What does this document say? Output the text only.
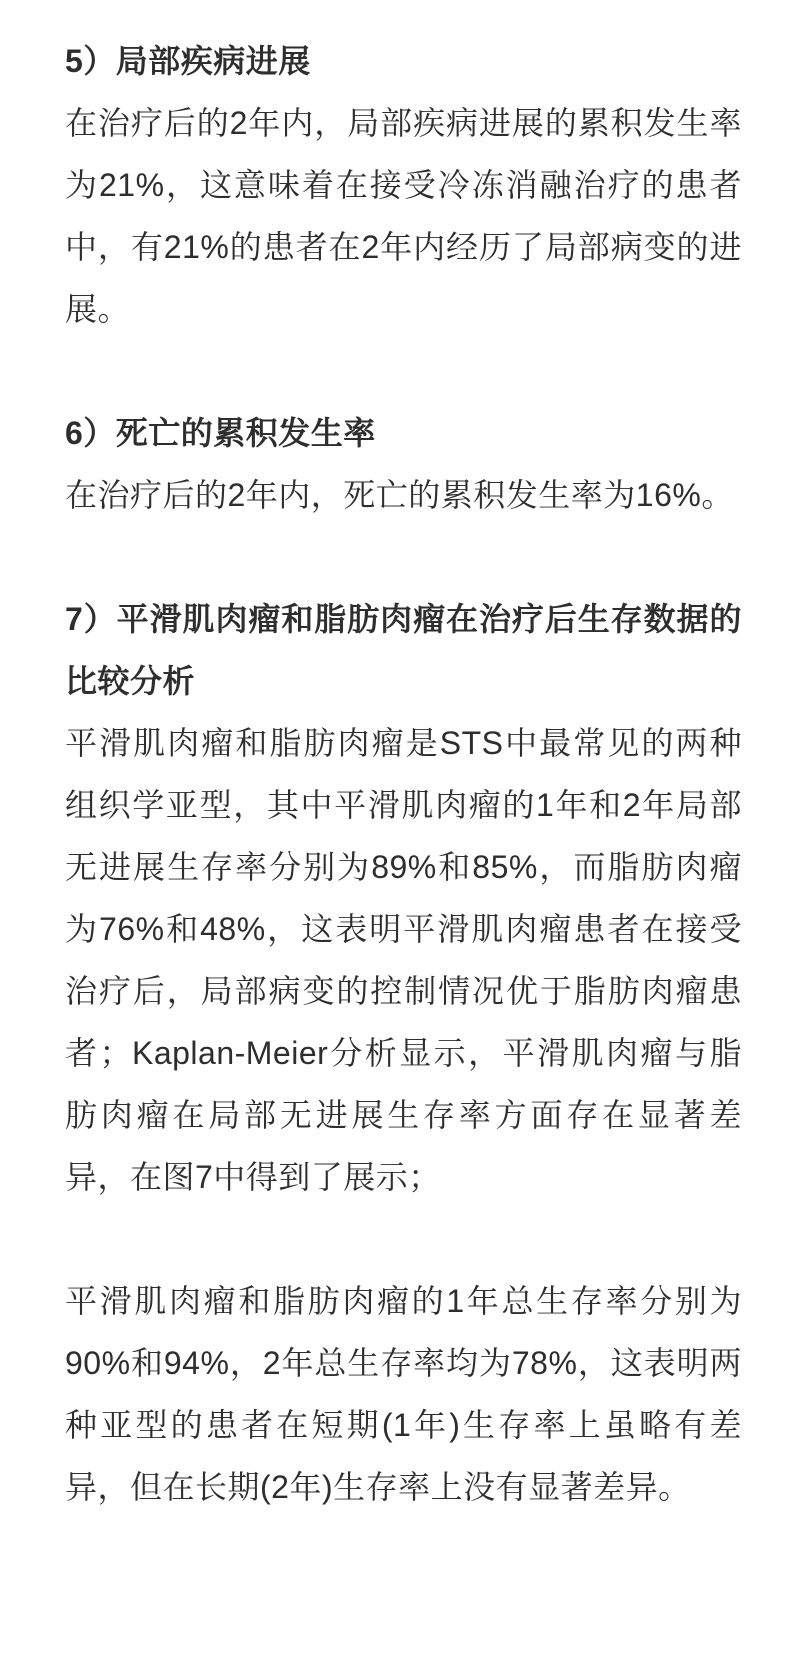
5）局部疾病进展

在治疗后的2年内，局部疾病进展的累积发生率为21%，这意味着在接受冷冻消融治疗的患者中，有21%的患者在2年内经历了局部病变的进展。

6）死亡的累积发生率

在治疗后的2年内，死亡的累积发生率为16%。

7）平滑肌肉瘤和脂肪肉瘤在治疗后生存数据的比较分析

平滑肌肉瘤和脂肪肉瘤是STS中最常见的两种组织学亚型，其中平滑肌肉瘤的1年和2年局部无进展生存率分别为89%和85%，而脂肪肉瘤为76%和48%，这表明平滑肌肉瘤患者在接受治疗后，局部病变的控制情况优于脂肪肉瘤患者；Kaplan-Meier分析显示，平滑肌肉瘤与脂肪肉瘤在局部无进展生存率方面存在显著差异，在图7中得到了展示；

平滑肌肉瘤和脂肪肉瘤的1年总生存率分别为90%和94%，2年总生存率均为78%，这表明两种亚型的患者在短期(1年)生存率上虽略有差异，但在长期(2年)生存率上没有显著差异。
